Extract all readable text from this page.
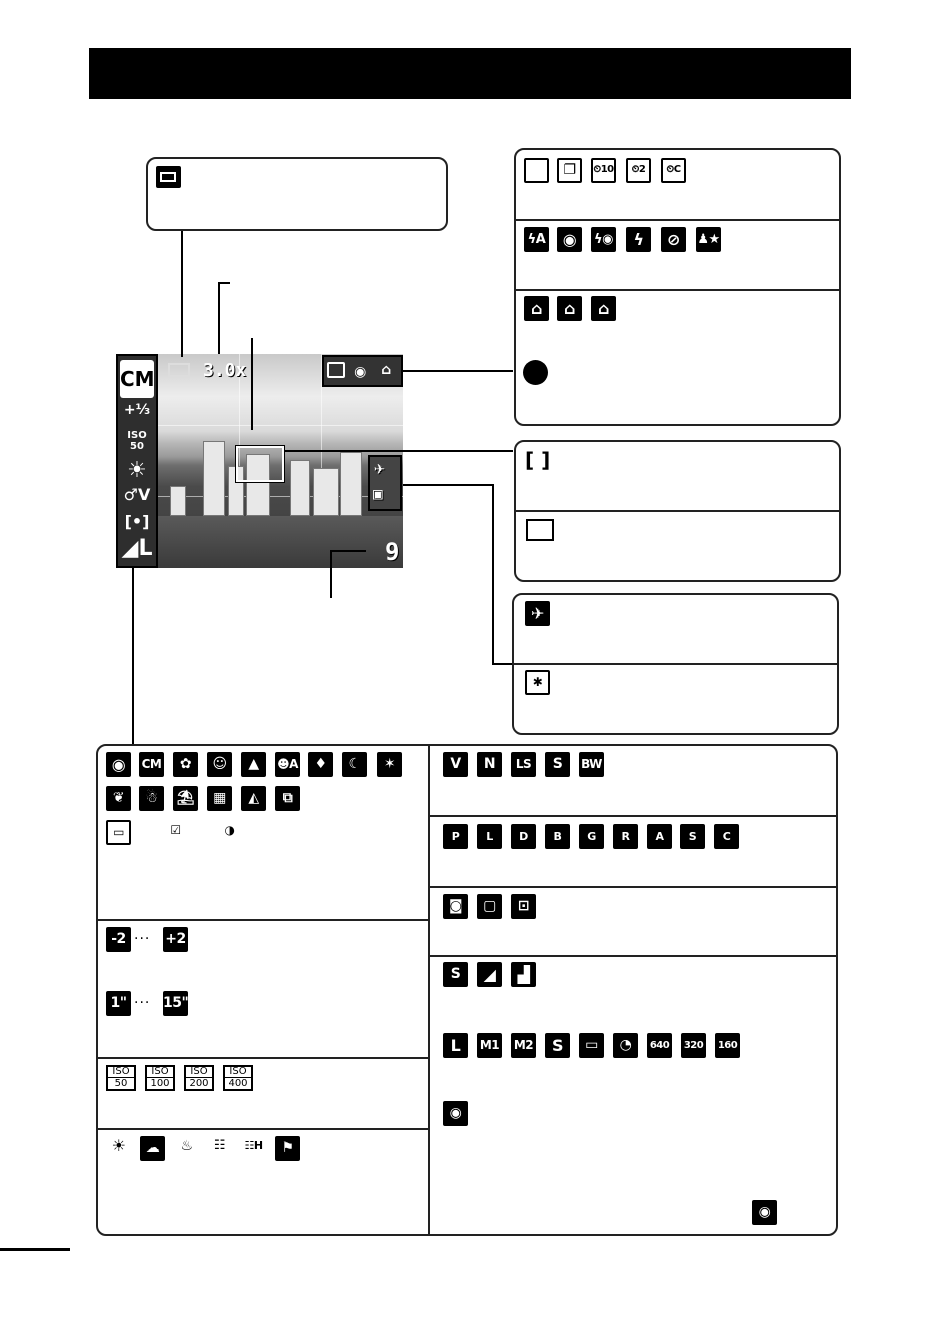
CM
+⅓
ISO
50
☀
♂V
[•]
◢L
3.0x
9
◉	⌂
✈
▣
❐	⏲10	⏲2	⏲C
ϟA	◉	ϟ◉	ϟ	⊘	♟★
⌂	⌂	⌂
[ ]
✈
✱
◉	CM	✿	☺	▲	☻A	♦	☾	✶
❦	☃	⛱	▦	◭	⧉
▭	☑	◑
-2 ··· +2
1" ··· 15"
ISO
50
ISO
100
ISO
200
ISO
400
☀	☁	♨	☷	☷H	⚑
V	N	LS	S	BW
P	L	D	B	G	R	A	S	C
◙	▢	⊡
S	◢	▟
L	M1 M2	S	▭	◔	640 320 160
◉
◉
